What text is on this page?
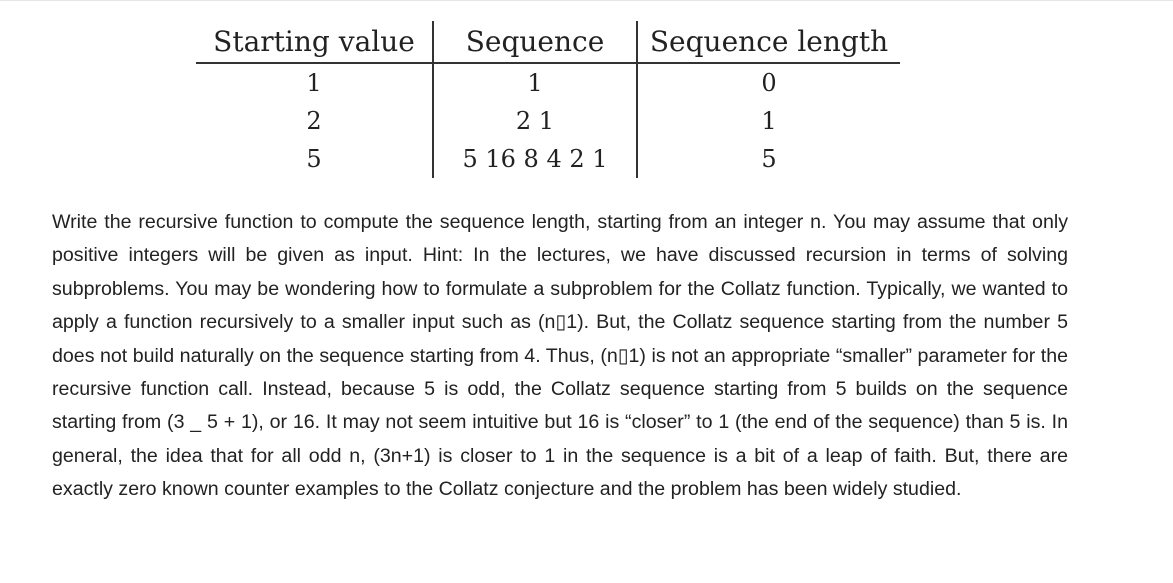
Starting value	Sequence	Sequence length
1	1	0
2	2 1	1
5	5 16 8 4 2 1	5

Write the recursive function to compute the sequence length, starting from an integer n. You may assume that only positive integers will be given as input. Hint: In the lectures, we have discussed recursion in terms of solving subproblems. You may be wondering how to formulate a subproblem for the Collatz function. Typically, we wanted to apply a function recursively to a smaller input such as (n▯1). But, the Collatz sequence starting from the number 5 does not build naturally on the sequence starting from 4. Thus, (n▯1) is not an appropriate “smaller” parameter for the recursive function call. Instead, because 5 is odd, the Collatz sequence starting from 5 builds on the sequence starting from (3 _ 5 + 1), or 16. It may not seem intuitive but 16 is “closer” to 1 (the end of the sequence) than 5 is. In general, the idea that for all odd n, (3n+1) is closer to 1 in the sequence is a bit of a leap of faith. But, there are exactly zero known counter examples to the Collatz conjecture and the problem has been widely studied.
